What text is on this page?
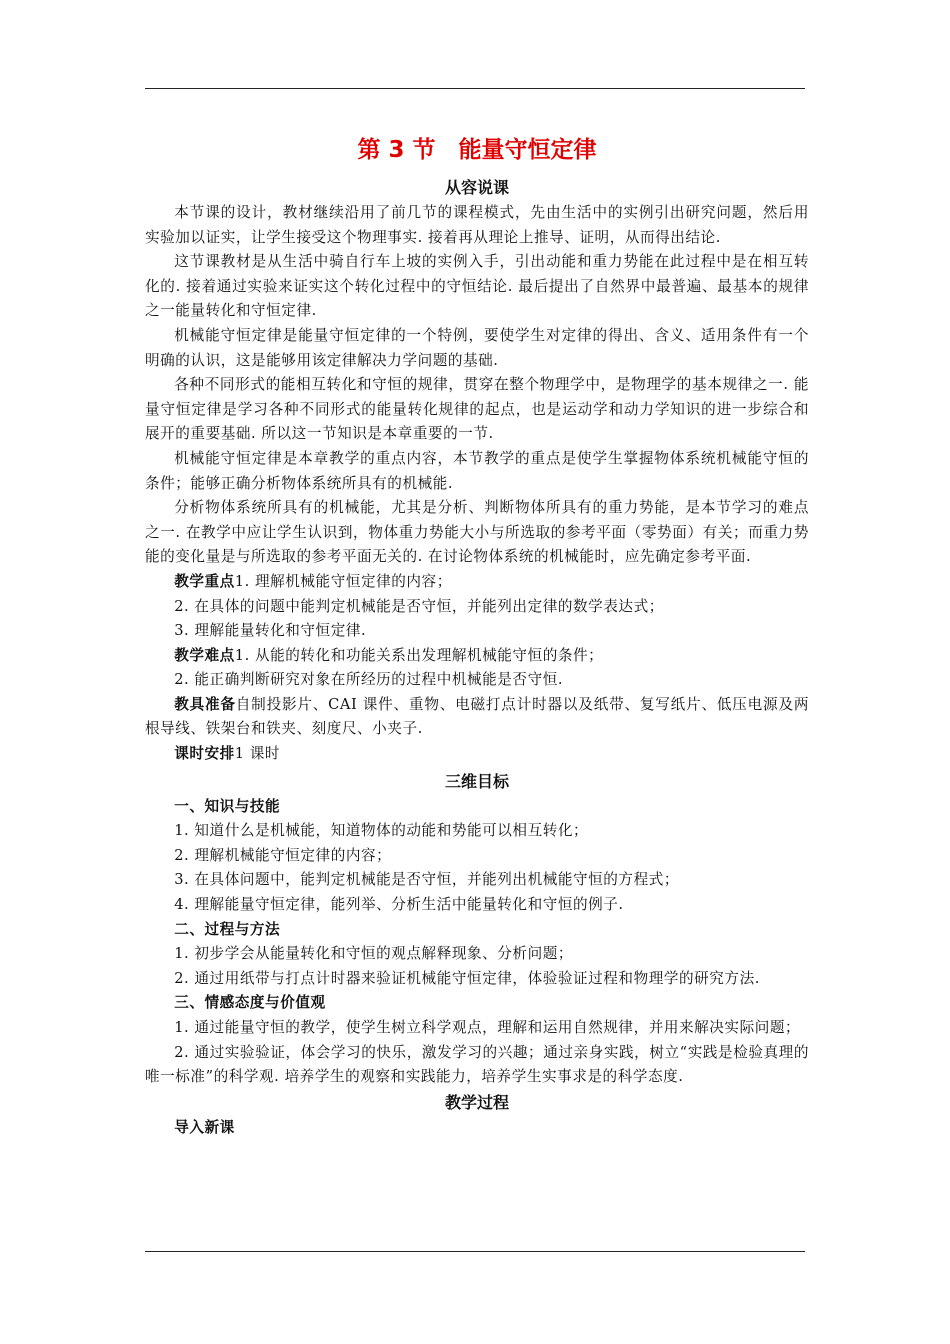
第 3 节　能量守恒定律
从容说课

本节课的设计，教材继续沿用了前几节的课程模式，先由生活中的实例引出研究问题，然后用实验加以证实，让学生接受这个物理事实. 接着再从理论上推导、证明，从而得出结论.

这节课教材是从生活中骑自行车上坡的实例入手，引出动能和重力势能在此过程中是在相互转化的. 接着通过实验来证实这个转化过程中的守恒结论. 最后提出了自然界中最普遍、最基本的规律之一能量转化和守恒定律.

机械能守恒定律是能量守恒定律的一个特例，要使学生对定律的得出、含义、适用条件有一个明确的认识，这是能够用该定律解决力学问题的基础.

各种不同形式的能相互转化和守恒的规律，贯穿在整个物理学中，是物理学的基本规律之一. 能量守恒定律是学习各种不同形式的能量转化规律的起点，也是运动学和动力学知识的进一步综合和展开的重要基础. 所以这一节知识是本章重要的一节.

机械能守恒定律是本章教学的重点内容，本节教学的重点是使学生掌握物体系统机械能守恒的条件；能够正确分析物体系统所具有的机械能.

分析物体系统所具有的机械能，尤其是分析、判断物体所具有的重力势能，是本节学习的难点之一. 在教学中应让学生认识到，物体重力势能大小与所选取的参考平面（零势面）有关；而重力势能的变化量是与所选取的参考平面无关的. 在讨论物体系统的机械能时，应先确定参考平面.

教学重点1. 理解机械能守恒定律的内容；

2. 在具体的问题中能判定机械能是否守恒，并能列出定律的数学表达式；

3. 理解能量转化和守恒定律.

教学难点1. 从能的转化和功能关系出发理解机械能守恒的条件；

2. 能正确判断研究对象在所经历的过程中机械能是否守恒.

教具准备自制投影片、CAI 课件、重物、电磁打点计时器以及纸带、复写纸片、低压电源及两根导线、铁架台和铁夹、刻度尺、小夹子.

课时安排1 课时

三维目标

一、知识与技能

1. 知道什么是机械能，知道物体的动能和势能可以相互转化；

2. 理解机械能守恒定律的内容；

3. 在具体问题中，能判定机械能是否守恒，并能列出机械能守恒的方程式；

4. 理解能量守恒定律，能列举、分析生活中能量转化和守恒的例子.

二、过程与方法

1. 初步学会从能量转化和守恒的观点解释现象、分析问题；

2. 通过用纸带与打点计时器来验证机械能守恒定律，体验验证过程和物理学的研究方法.

三、情感态度与价值观

1. 通过能量守恒的教学，使学生树立科学观点，理解和运用自然规律，并用来解决实际问题；

2. 通过实验验证，体会学习的快乐，激发学习的兴趣；通过亲身实践，树立“实践是检验真理的唯一标准”的科学观. 培养学生的观察和实践能力，培养学生实事求是的科学态度.

教学过程

导入新课
